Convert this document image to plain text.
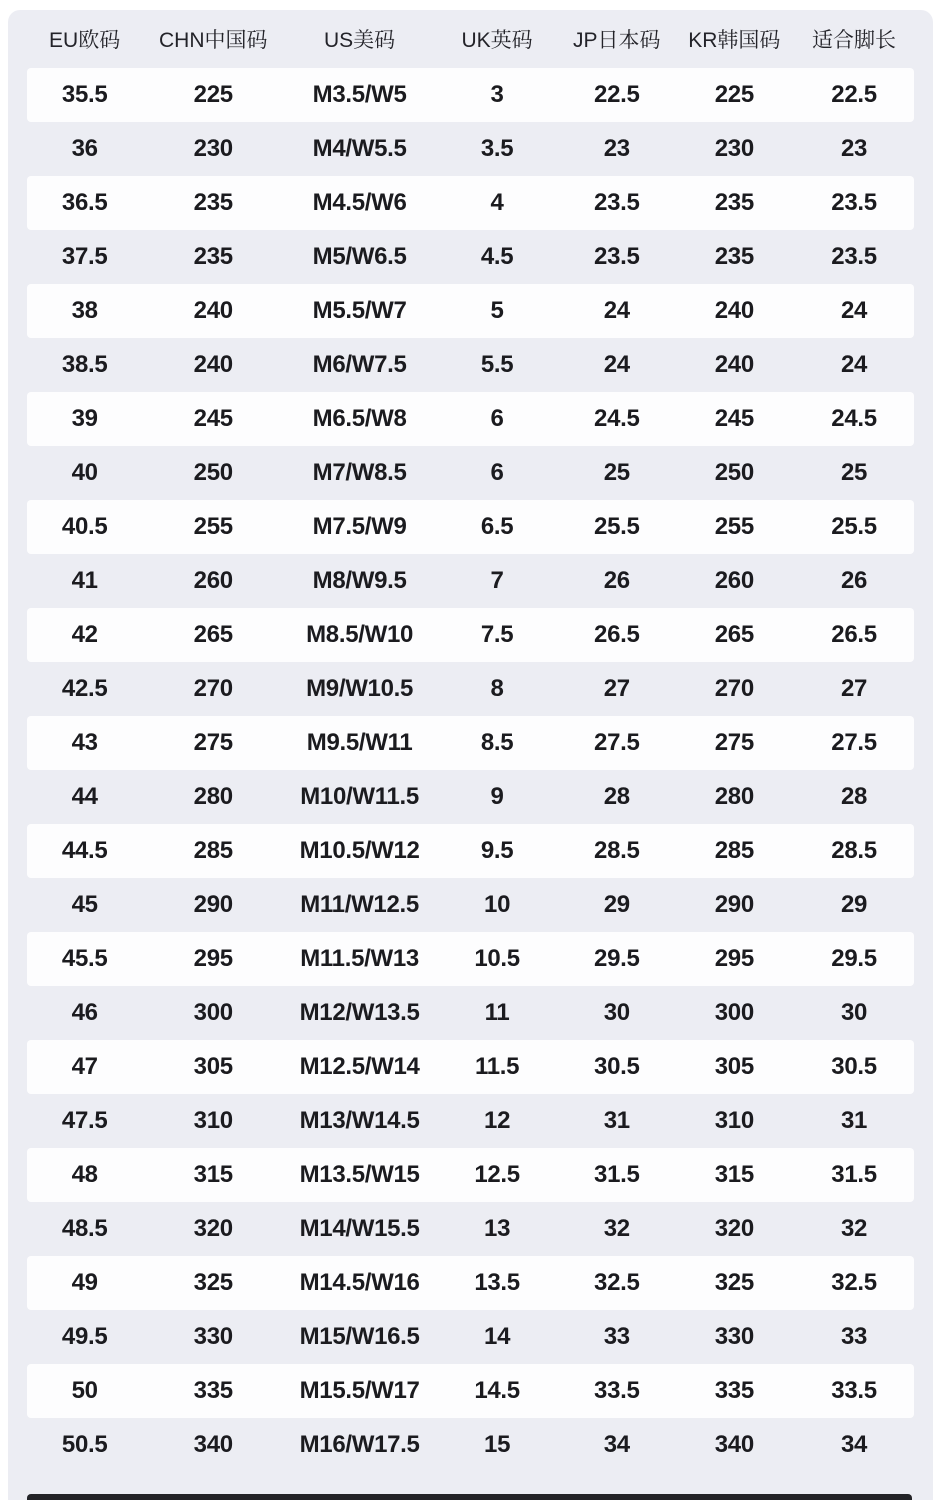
EU欧码	CHN中国码	US美码	UK英码	JP日本码	KR韩国码	适合脚长
35.5	225	M3.5/W5	3	22.5	225	22.5
36	230	M4/W5.5	3.5	23	230	23
36.5	235	M4.5/W6	4	23.5	235	23.5
37.5	235	M5/W6.5	4.5	23.5	235	23.5
38	240	M5.5/W7	5	24	240	24
38.5	240	M6/W7.5	5.5	24	240	24
39	245	M6.5/W8	6	24.5	245	24.5
40	250	M7/W8.5	6	25	250	25
40.5	255	M7.5/W9	6.5	25.5	255	25.5
41	260	M8/W9.5	7	26	260	26
42	265	M8.5/W10	7.5	26.5	265	26.5
42.5	270	M9/W10.5	8	27	270	27
43	275	M9.5/W11	8.5	27.5	275	27.5
44	280	M10/W11.5	9	28	280	28
44.5	285	M10.5/W12	9.5	28.5	285	28.5
45	290	M11/W12.5	10	29	290	29
45.5	295	M11.5/W13	10.5	29.5	295	29.5
46	300	M12/W13.5	11	30	300	30
47	305	M12.5/W14	11.5	30.5	305	30.5
47.5	310	M13/W14.5	12	31	310	31
48	315	M13.5/W15	12.5	31.5	315	31.5
48.5	320	M14/W15.5	13	32	320	32
49	325	M14.5/W16	13.5	32.5	325	32.5
49.5	330	M15/W16.5	14	33	330	33
50	335	M15.5/W17	14.5	33.5	335	33.5
50.5	340	M16/W17.5	15	34	340	34
